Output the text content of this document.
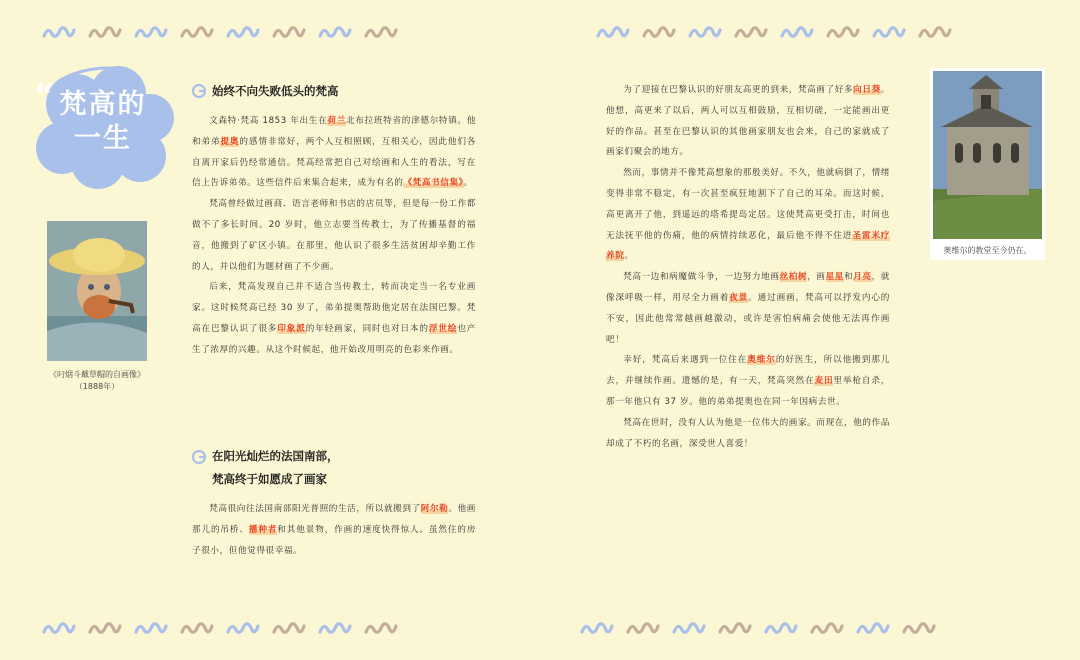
“ 梵高的
一生
《叼烟斗戴草帽的自画像》
（1888年）
始终不向失败低头的梵高

文森特·梵高 1853 年出生在荷兰北布拉班特省的津德尔特镇。他和弟弟提奥的感情非常好，两个人互相照顾，互相关心，因此他们各自离开家后仍经常通信。梵高经常把自己对绘画和人生的看法，写在信上告诉弟弟。这些信件后来集合起来，成为有名的《梵高书信集》。

梵高曾经做过画商、语言老师和书店的店员等，但是每一份工作都做不了多长时间。20 岁时，他立志要当传教士，为了传播基督的福音，他搬到了矿区小镇。在那里，他认识了很多生活贫困却辛勤工作的人，并以他们为题材画了不少画。

后来，梵高发现自己并不适合当传教士，转而决定当一名专业画家。这时候梵高已经 30 岁了，弟弟提奥帮助他定居在法国巴黎。梵高在巴黎认识了很多印象派的年轻画家，同时也对日本的浮世绘也产生了浓厚的兴趣。从这个时候起，他开始改用明亮的色彩来作画。

在阳光灿烂的法国南部，
梵高终于如愿成了画家

梵高很向往法国南部阳光普照的生活，所以就搬到了阿尔勒。他画那儿的吊桥、播种者和其他景物，作画的速度快得惊人。虽然住的房子很小，但他觉得很幸福。

为了迎接在巴黎认识的好朋友高更的到来，梵高画了好多向日葵。他想，高更来了以后，两人可以互相鼓励，互相切磋，一定能画出更好的作品。甚至在巴黎认识的其他画家朋友也会来，自己的家就成了画家们聚会的地方。

然而，事情并不像梵高想象的那般美好。不久，他就病倒了，情绪变得非常不稳定，有一次甚至疯狂地割下了自己的耳朵。而这时候，高更离开了他，到遥远的塔希提岛定居。这使梵高更受打击，时间也无法抚平他的伤痛，他的病情持续恶化，最后他不得不住进圣雷米疗养院。

梵高一边和病魔做斗争，一边努力地画丝柏树，画星星和月亮，就像深呼吸一样，用尽全力画着夜景。通过画画，梵高可以抒发内心的不安，因此他常常越画越激动，或许是害怕病痛会使他无法再作画吧！

幸好，梵高后来遇到一位住在奥维尔的好医生，所以他搬到那儿去，并继续作画。遗憾的是，有一天，梵高突然在麦田里举枪自杀，那一年他只有 37 岁。他的弟弟提奥也在同一年因病去世。

梵高在世时，没有人认为他是一位伟大的画家。而现在，他的作品却成了不朽的名画，深受世人喜爱！

奥维尔的教堂至今仍在。
